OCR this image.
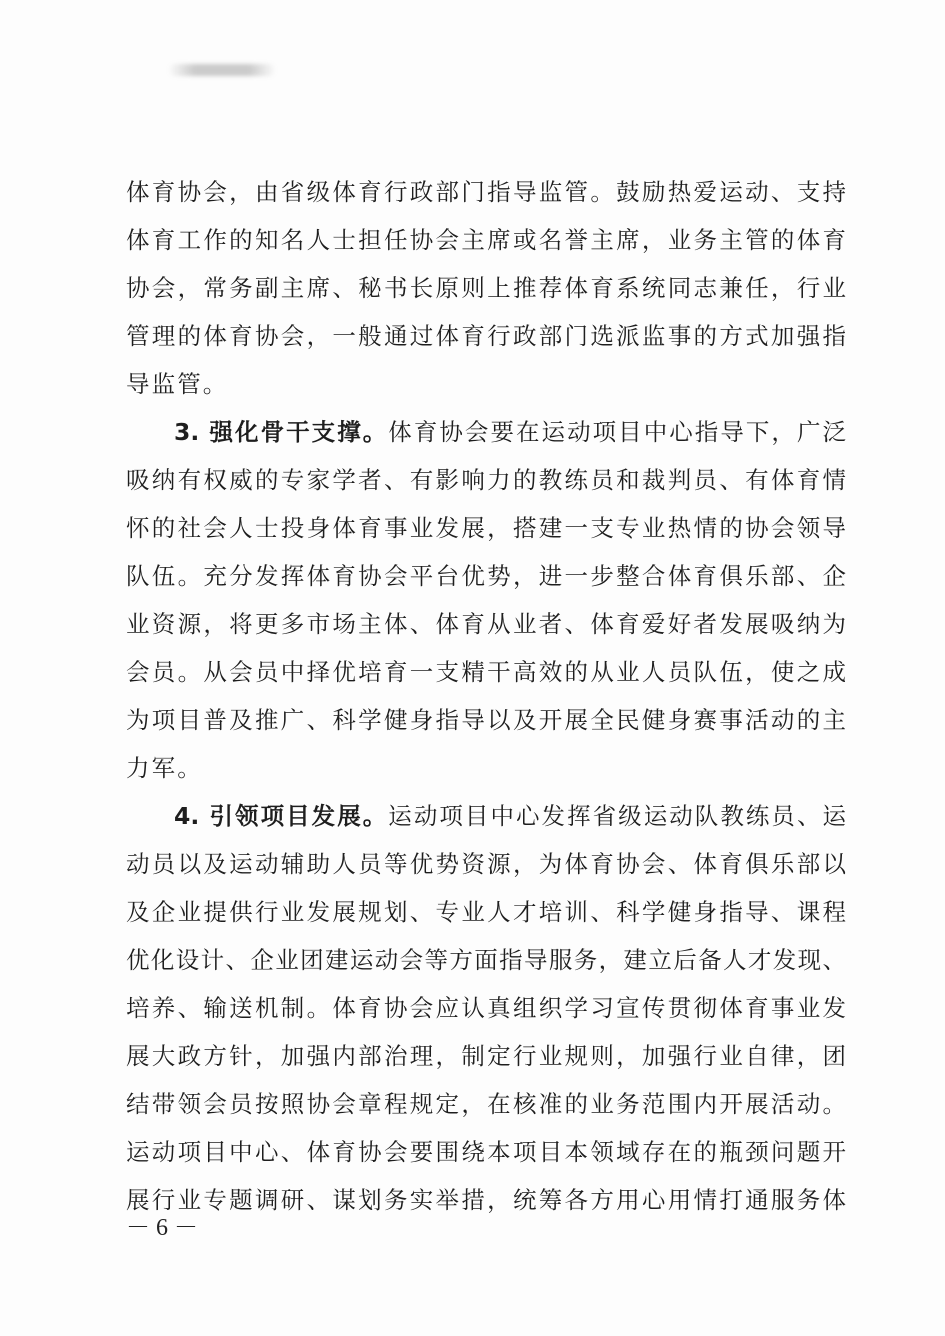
体育协会，由省级体育行政部门指导监管。鼓励热爱运动、支持
体育工作的知名人士担任协会主席或名誉主席，业务主管的体育
协会，常务副主席、秘书长原则上推荐体育系统同志兼任，行业
管理的体育协会，一般通过体育行政部门选派监事的方式加强指
导监管。
3. 强化骨干支撑。体育协会要在运动项目中心指导下，广泛
吸纳有权威的专家学者、有影响力的教练员和裁判员、有体育情
怀的社会人士投身体育事业发展，搭建一支专业热情的协会领导
队伍。充分发挥体育协会平台优势，进一步整合体育俱乐部、企
业资源，将更多市场主体、体育从业者、体育爱好者发展吸纳为
会员。从会员中择优培育一支精干高效的从业人员队伍，使之成
为项目普及推广、科学健身指导以及开展全民健身赛事活动的主
力军。
4. 引领项目发展。运动项目中心发挥省级运动队教练员、运
动员以及运动辅助人员等优势资源，为体育协会、体育俱乐部以
及企业提供行业发展规划、专业人才培训、科学健身指导、课程
优化设计、企业团建运动会等方面指导服务，建立后备人才发现、
培养、输送机制。体育协会应认真组织学习宣传贯彻体育事业发
展大政方针，加强内部治理，制定行业规则，加强行业自律，团
结带领会员按照协会章程规定，在核准的业务范围内开展活动。
运动项目中心、体育协会要围绕本项目本领域存在的瓶颈问题开
展行业专题调研、谋划务实举措，统筹各方用心用情打通服务体
－ 6 －
